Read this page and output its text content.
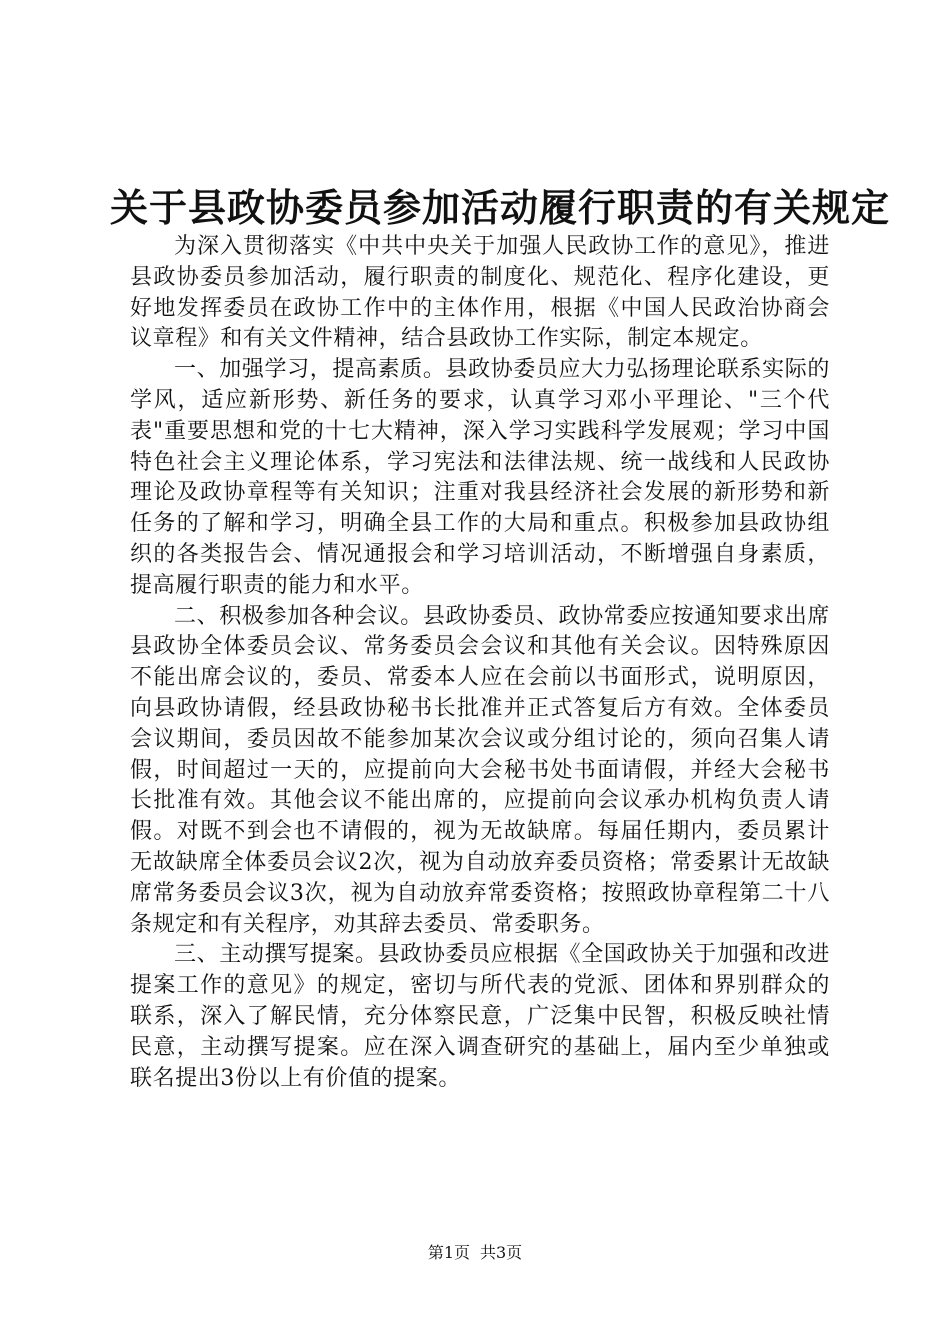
关于县政协委员参加活动履行职责的有关规定

为深入贯彻落实《中共中央关于加强人民政协工作的意见》，推进县政协委员参加活动，履行职责的制度化、规范化、程序化建设，更好地发挥委员在政协工作中的主体作用，根据《中国人民政治协商会议章程》和有关文件精神，结合县政协工作实际，制定本规定。

一、加强学习，提高素质。县政协委员应大力弘扬理论联系实际的学风，适应新形势、新任务的要求，认真学习邓小平理论、"三个代表"重要思想和党的十七大精神，深入学习实践科学发展观；学习中国特色社会主义理论体系，学习宪法和法律法规、统一战线和人民政协理论及政协章程等有关知识；注重对我县经济社会发展的新形势和新任务的了解和学习，明确全县工作的大局和重点。积极参加县政协组织的各类报告会、情况通报会和学习培训活动，不断增强自身素质，提高履行职责的能力和水平。

二、积极参加各种会议。县政协委员、政协常委应按通知要求出席县政协全体委员会议、常务委员会会议和其他有关会议。因特殊原因不能出席会议的，委员、常委本人应在会前以书面形式，说明原因，向县政协请假，经县政协秘书长批准并正式答复后方有效。全体委员会议期间，委员因故不能参加某次会议或分组讨论的，须向召集人请假，时间超过一天的，应提前向大会秘书处书面请假，并经大会秘书长批准有效。其他会议不能出席的，应提前向会议承办机构负责人请假。对既不到会也不请假的，视为无故缺席。每届任期内，委员累计无故缺席全体委员会议2次，视为自动放弃委员资格；常委累计无故缺席常务委员会议3次，视为自动放弃常委资格；按照政协章程第二十八条规定和有关程序，劝其辞去委员、常委职务。

三、主动撰写提案。县政协委员应根据《全国政协关于加强和改进提案工作的意见》的规定，密切与所代表的党派、团体和界别群众的联系，深入了解民情，充分体察民意，广泛集中民智，积极反映社情民意，主动撰写提案。应在深入调查研究的基础上，届内至少单独或联名提出3份以上有价值的提案。

第1页 共3页
